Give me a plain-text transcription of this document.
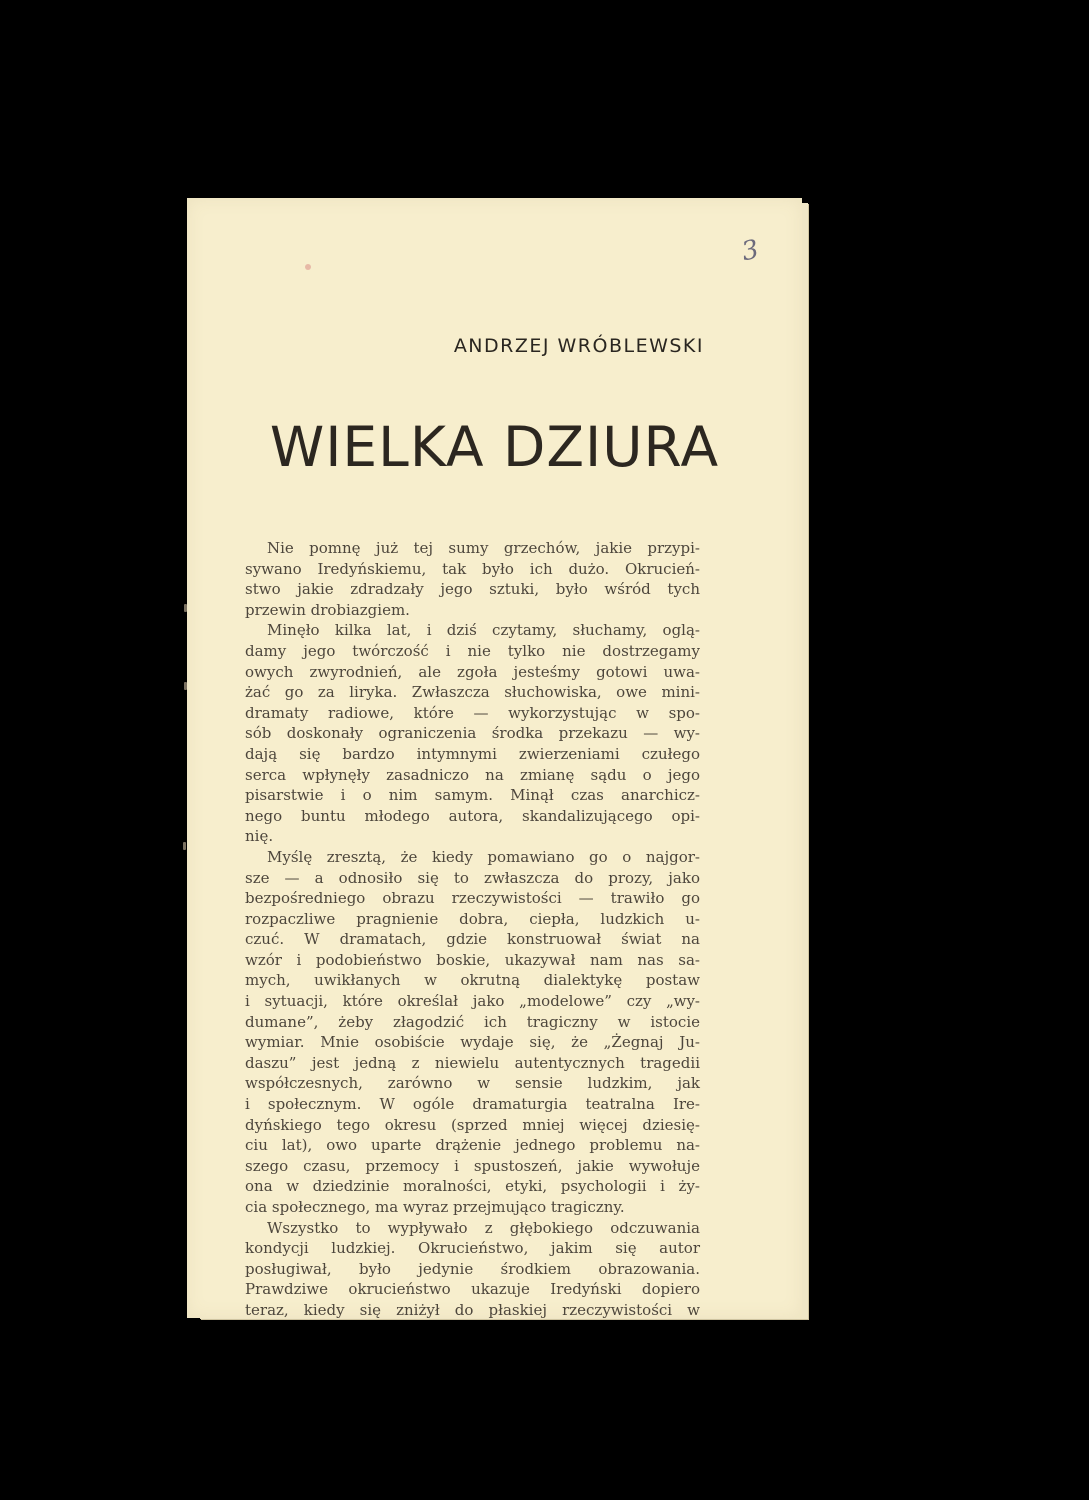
3
ANDRZEJ WRÓBLEWSKI
WIELKA DZIURA
Nie pomnę już tej sumy grzechów, jakie przypi-
sywano Iredyńskiemu, tak było ich dużo. Okrucień-
stwo jakie zdradzały jego sztuki, było wśród tych
przewin drobiazgiem.
Minęło kilka lat, i dziś czytamy, słuchamy, oglą-
damy jego twórczość i nie tylko nie dostrzegamy
owych zwyrodnień, ale zgoła jesteśmy gotowi uwa-
żać go za liryka. Zwłaszcza słuchowiska, owe mini-
dramaty radiowe, które — wykorzystując w spo-
sób doskonały ograniczenia środka przekazu — wy-
dają się bardzo intymnymi zwierzeniami czułego
serca wpłynęły zasadniczo na zmianę sądu o jego
pisarstwie i o nim samym. Minął czas anarchicz-
nego buntu młodego autora, skandalizującego opi-
nię.
Myślę zresztą, że kiedy pomawiano go o najgor-
sze — a odnosiło się to zwłaszcza do prozy, jako
bezpośredniego obrazu rzeczywistości — trawiło go
rozpaczliwe pragnienie dobra, ciepła, ludzkich u-
czuć. W dramatach, gdzie konstruował świat na
wzór i podobieństwo boskie, ukazywał nam nas sa-
mych, uwikłanych w okrutną dialektykę postaw
i sytuacji, które określał jako „modelowe” czy „wy-
dumane”, żeby złagodzić ich tragiczny w istocie
wymiar. Mnie osobiście wydaje się, że „Żegnaj Ju-
daszu” jest jedną z niewielu autentycznych tragedii
współczesnych, zarówno w sensie ludzkim, jak
i społecznym. W ogóle dramaturgia teatralna Ire-
dyńskiego tego okresu (sprzed mniej więcej dziesię-
ciu lat), owo uparte drążenie jednego problemu na-
szego czasu, przemocy i spustoszeń, jakie wywołuje
ona w dziedzinie moralności, etyki, psychologii i ży-
cia społecznego, ma wyraz przejmująco tragiczny.
Wszystko to wypływało z głębokiego odczuwania
kondycji ludzkiej. Okrucieństwo, jakim się autor
posługiwał, było jedynie środkiem obrazowania.
Prawdziwe okrucieństwo ukazuje Iredyński dopiero
teraz, kiedy się zniżył do płaskiej rzeczywistości w
